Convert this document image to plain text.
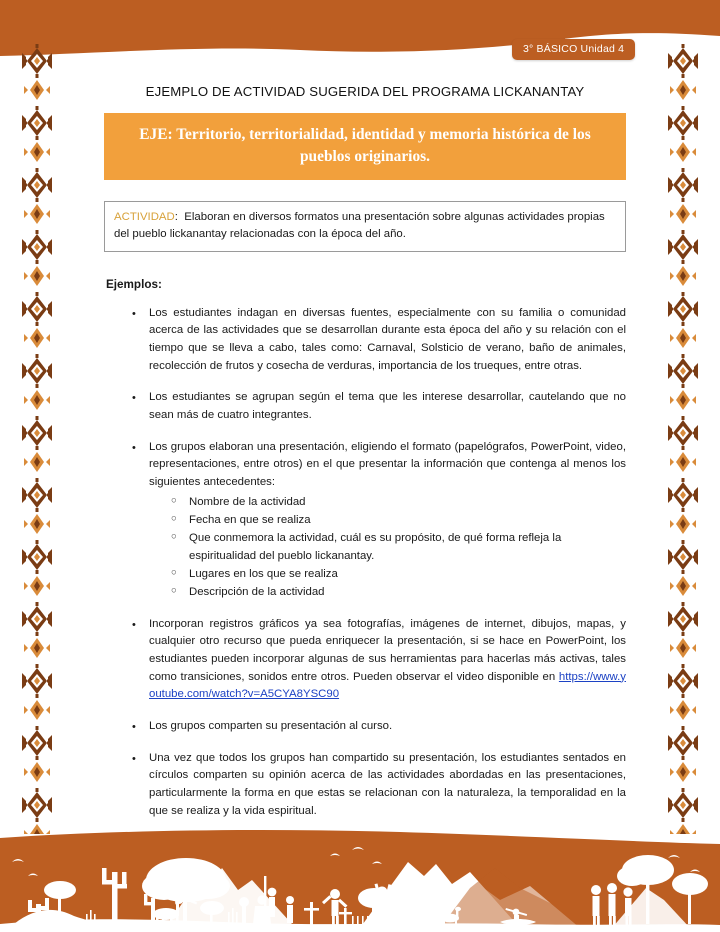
3° BÁSICO Unidad 4
EJEMPLO DE ACTIVIDAD SUGERIDA DEL PROGRAMA LICKANANTAY
EJE: Territorio, territorialidad, identidad y memoria histórica de los pueblos originarios.
ACTIVIDAD: Elaboran en diversos formatos una presentación sobre algunas actividades propias del pueblo lickanantay relacionadas con la época del año.
Ejemplos:
• Los estudiantes indagan en diversas fuentes, especialmente con su familia o comunidad acerca de las actividades que se desarrollan durante esta época del año y su relación con el tiempo que se lleva a cabo, tales como: Carnaval, Solsticio de verano, baño de animales, recolección de frutos y cosecha de verduras, importancia de los trueques, entre otras.
• Los estudiantes se agrupan según el tema que les interese desarrollar, cautelando que no sean más de cuatro integrantes.
• Los grupos elaboran una presentación, eligiendo el formato (papelógrafos, PowerPoint, video, representaciones, entre otros) en el que presentar la información que contenga al menos los siguientes antecedentes:
○ Nombre de la actividad
○ Fecha en que se realiza
○ Que conmemora la actividad, cuál es su propósito, de qué forma refleja la espiritualidad del pueblo lickanantay.
○ Lugares en los que se realiza
○ Descripción de la actividad
• Incorporan registros gráficos ya sea fotografías, imágenes de internet, dibujos, mapas, y cualquier otro recurso que pueda enriquecer la presentación, si se hace en PowerPoint, los estudiantes pueden incorporar algunas de sus herramientas para hacerlas más activas, tales como transiciones, sonidos entre otros. Pueden observar el video disponible en https://www.youtube.com/watch?v=A5CYA8YSC90
• Los grupos comparten su presentación al curso.
• Una vez que todos los grupos han compartido su presentación, los estudiantes sentados en círculos comparten su opinión acerca de las actividades abordadas en las presentaciones, particularmente la forma en que estas se relacionan con la naturaleza, la temporalidad en la que se realiza y la vida espiritual.
